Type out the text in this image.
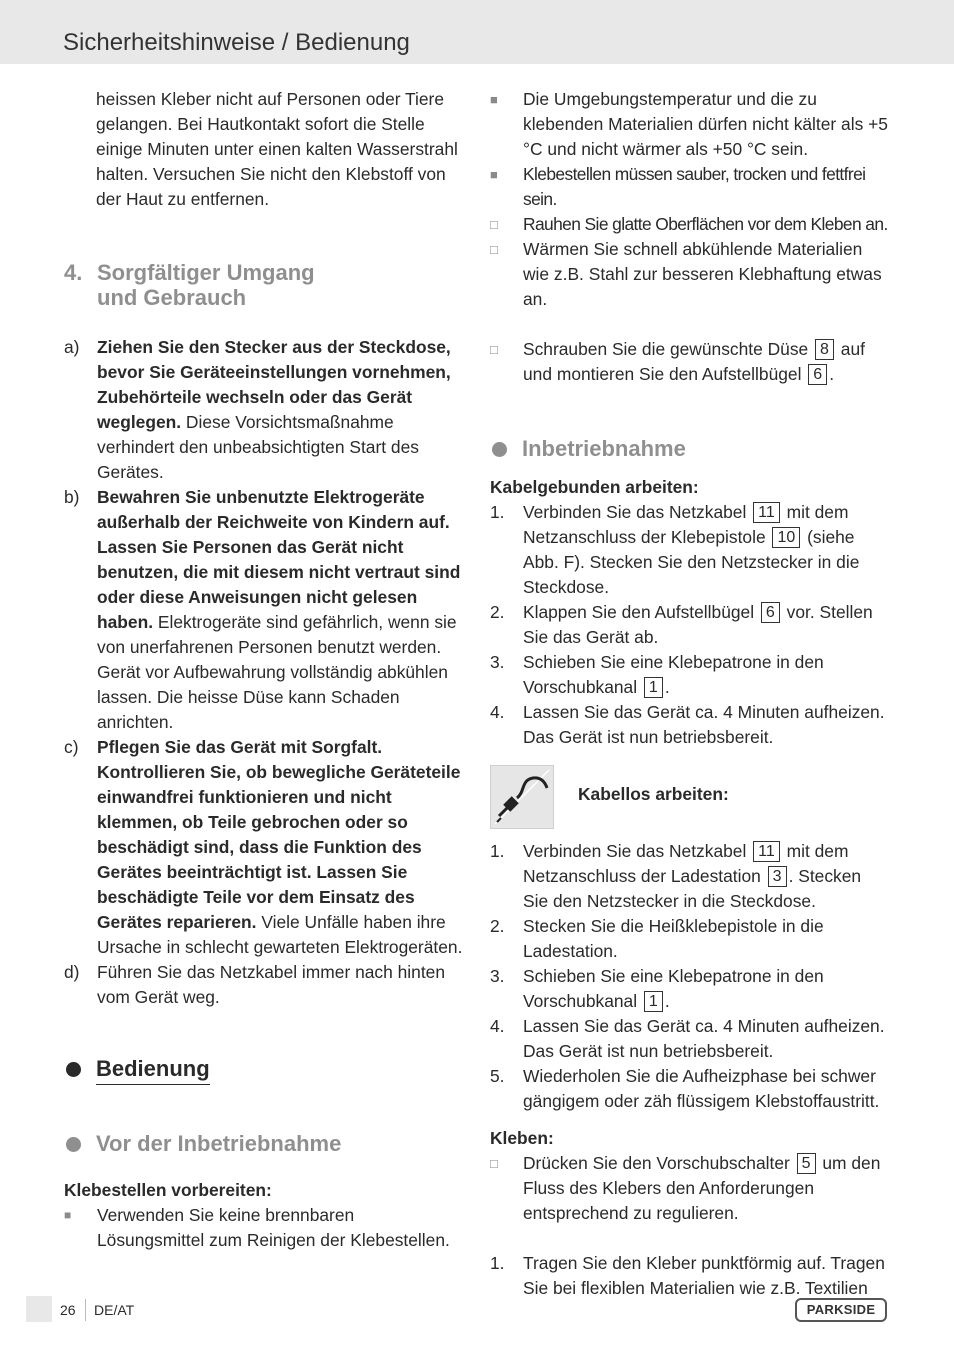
Sicherheitshinweise / Bedienung

heissen Kleber nicht auf Personen oder Tiere gelangen. Bei Hautkontakt sofort die Stelle einige Minuten unter einen kalten Wasserstrahl halten. Versuchen Sie nicht den Klebstoff von der Haut zu entfernen.

4. Sorgfältiger Umgang und Gebrauch
a)	Ziehen Sie den Stecker aus der Steckdose, bevor Sie Geräteeinstellungen vornehmen, Zubehörteile wechseln oder das Gerät weglegen. Diese Vorsichtsmaßnahme verhindert den unbeabsichtigten Start des Gerätes.
b)	Bewahren Sie unbenutzte Elektrogeräte außerhalb der Reichweite von Kindern auf. Lassen Sie Personen das Gerät nicht benutzen, die mit diesem nicht vertraut sind oder diese Anweisungen nicht gelesen haben. Elektrogeräte sind gefährlich, wenn sie von unerfahrenen Personen benutzt werden. Gerät vor Aufbewahrung vollständig abkühlen lassen. Die heisse Düse kann Schaden anrichten.
c)	Pflegen Sie das Gerät mit Sorgfalt. Kontrollieren Sie, ob bewegliche Geräteteile einwandfrei funktionieren und nicht klemmen, ob Teile gebrochen oder so beschädigt sind, dass die Funktion des Gerätes beeinträchtigt ist. Lassen Sie beschädigte Teile vor dem Einsatz des Gerätes reparieren. Viele Unfälle haben ihre Ursache in schlecht gewarteten Elektrogeräten.
d)	Führen Sie das Netzkabel immer nach hinten vom Gerät weg.
Bedienung
Vor der Inbetriebnahme

Klebestellen vorbereiten:

■	Verwenden Sie keine brennbaren Lösungsmittel zum Reinigen der Klebestellen.
■	Die Umgebungstemperatur und die zu klebenden Materialien dürfen nicht kälter als +5 °C und nicht wärmer als +50 °C sein.
■	Klebestellen müssen sauber, trocken und fettfrei sein.
□	Rauhen Sie glatte Oberflächen vor dem Kleben an.
□	Wärmen Sie schnell abkühlende Materialien wie z.B. Stahl zur besseren Klebhaftung etwas an.
□	Schrauben Sie die gewünschte Düse 8 auf und montieren Sie den Aufstellbügel 6 .
Inbetriebnahme

Kabelgebunden arbeiten:

1.	Verbinden Sie das Netzkabel 11 mit dem Netzanschluss der Klebepistole 10 (siehe Abb. F). Stecken Sie den Netzstecker in die Steckdose.
2.	Klappen Sie den Aufstellbügel 6 vor. Stellen Sie das Gerät ab.
3.	Schieben Sie eine Klebepatrone in den Vorschubkanal 1 .
4.	Lassen Sie das Gerät ca. 4 Minuten aufheizen. Das Gerät ist nun betriebsbereit.

Kabellos arbeiten:

1.	Verbinden Sie das Netzkabel 11 mit dem Netzanschluss der Ladestation 3 . Stecken Sie den Netzstecker in die Steckdose.
2.	Stecken Sie die Heißklebepistole in die Ladestation.
3.	Schieben Sie eine Klebepatrone in den Vorschubkanal 1 .
4.	Lassen Sie das Gerät ca. 4 Minuten aufheizen. Das Gerät ist nun betriebsbereit.
5.	Wiederholen Sie die Aufheizphase bei schwer gängigem oder zäh flüssigem Klebstoffaustritt.

Kleben:

□	Drücken Sie den Vorschubschalter 5 um den Fluss des Klebers den Anforderungen entsprechend zu regulieren.
1.	Tragen Sie den Kleber punktförmig auf. Tragen Sie bei flexiblen Materialien wie z.B. Textilien
26 DE/AT	PARKSIDE
